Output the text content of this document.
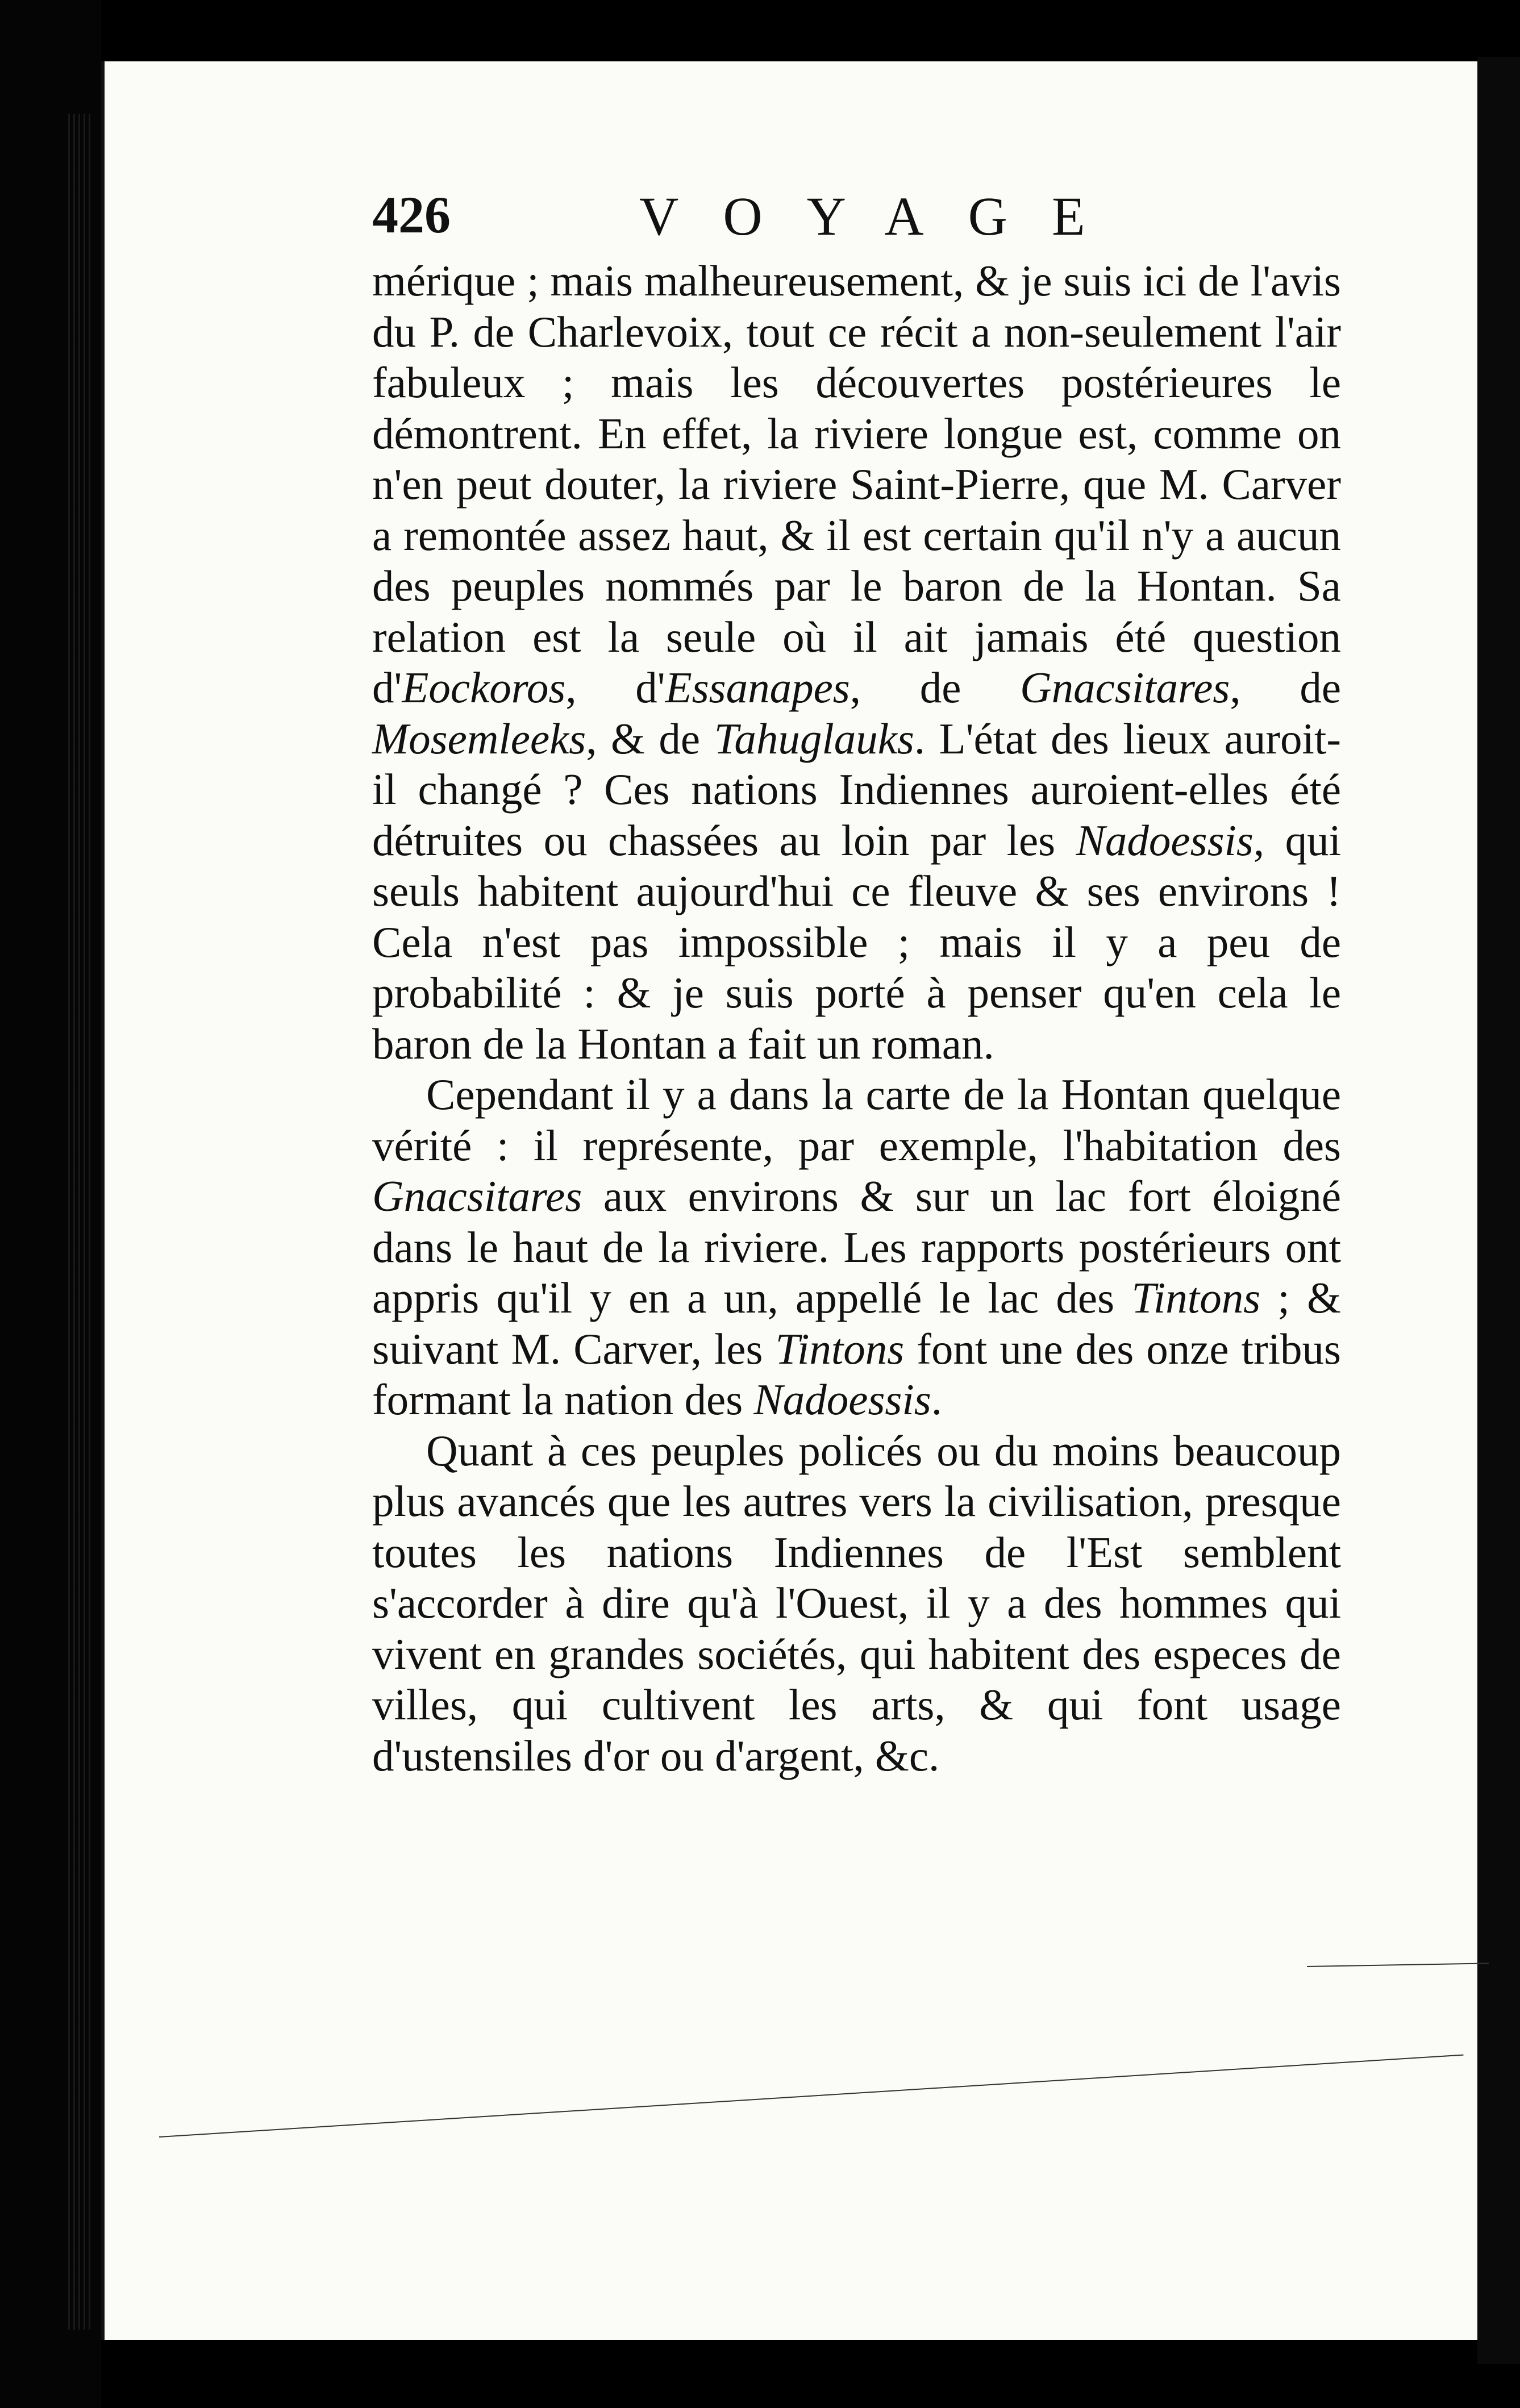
426	VOYAGE

mérique ; mais malheureusement, & je suis ici de l'avis du P. de Charlevoix, tout ce récit a non-seulement l'air fabuleux ; mais les découvertes postérieures le démontrent. En effet, la riviere longue est, comme on n'en peut douter, la riviere Saint-Pierre, que M. Carver a remontée assez haut, & il est certain qu'il n'y a aucun des peuples nommés par le baron de la Hontan. Sa relation est la seule où il ait jamais été question d'Eockoros, d'Essanapes, de Gnacsitares, de Mosemleeks, & de Tahuglauks. L'état des lieux auroit-il changé ? Ces nations Indiennes auroient-elles été détruites ou chassées au loin par les Nadoessis, qui seuls habitent aujourd'hui ce fleuve & ses environs ! Cela n'est pas impossible ; mais il y a peu de probabilité : & je suis porté à penser qu'en cela le baron de la Hontan a fait un roman.

Cependant il y a dans la carte de la Hontan quelque vérité : il représente, par exemple, l'habitation des Gnacsitares aux environs & sur un lac fort éloigné dans le haut de la riviere. Les rapports postérieurs ont appris qu'il y en a un, appellé le lac des Tintons ; & suivant M. Carver, les Tintons font une des onze tribus formant la nation des Nadoessis.

Quant à ces peuples policés ou du moins beaucoup plus avancés que les autres vers la civilisation, presque toutes les nations Indiennes de l'Est semblent s'accorder à dire qu'à l'Ouest, il y a des hommes qui vivent en grandes sociétés, qui habitent des especes de villes, qui cultivent les arts, & qui font usage d'ustensiles d'or ou d'argent, &c.
